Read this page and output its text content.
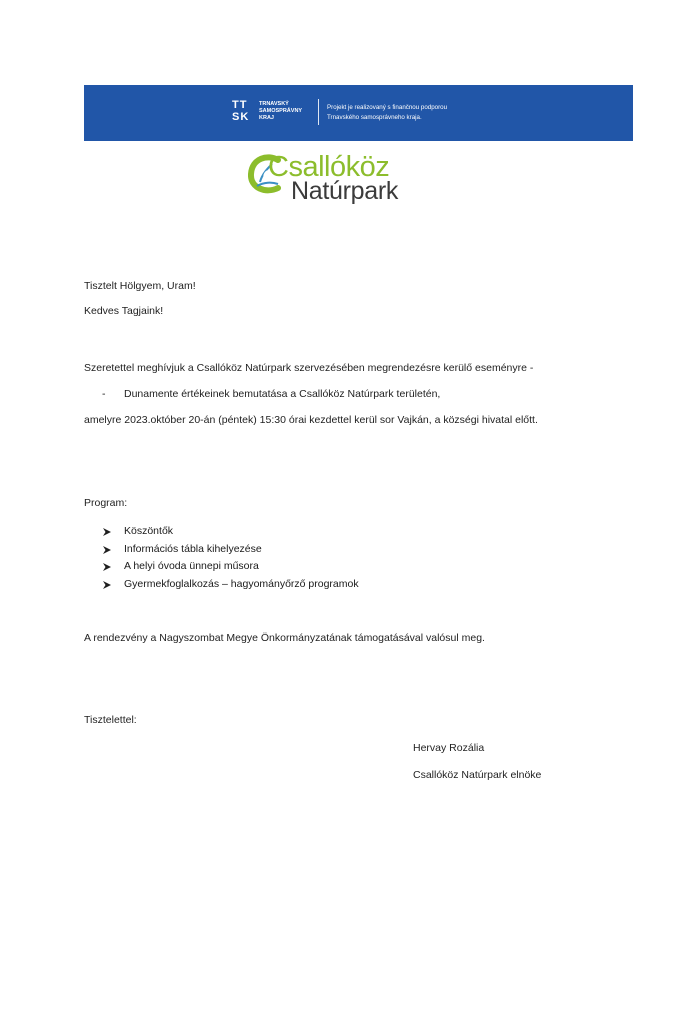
TT
SK
TRNAVSKÝ
SAMOSPRÁVNY
KRAJ
Projekt je realizovaný s finančnou podporou
Trnavského samosprávneho kraja.
Csallóköz
Natúrpark
Tisztelt Hölgyem, Uram!
Kedves Tagjaink!
Szeretettel meghívjuk a Csallóköz Natúrpark szervezésében megrendezésre kerülő eseményre -
- Dunamente értékeinek bemutatása a Csallóköz Natúrpark területén,
amelyre 2023.október 20-án (péntek) 15:30 órai kezdettel kerül sor Vajkán, a községi hivatal előtt.
Program:
Köszöntők
Információs tábla kihelyezése
A helyi óvoda ünnepi műsora
Gyermekfoglalkozás – hagyományőrző programok
A rendezvény a Nagyszombat Megye Önkormányzatának támogatásával valósul meg.
Tisztelettel:
Hervay Rozália
Csallóköz Natúrpark elnöke
